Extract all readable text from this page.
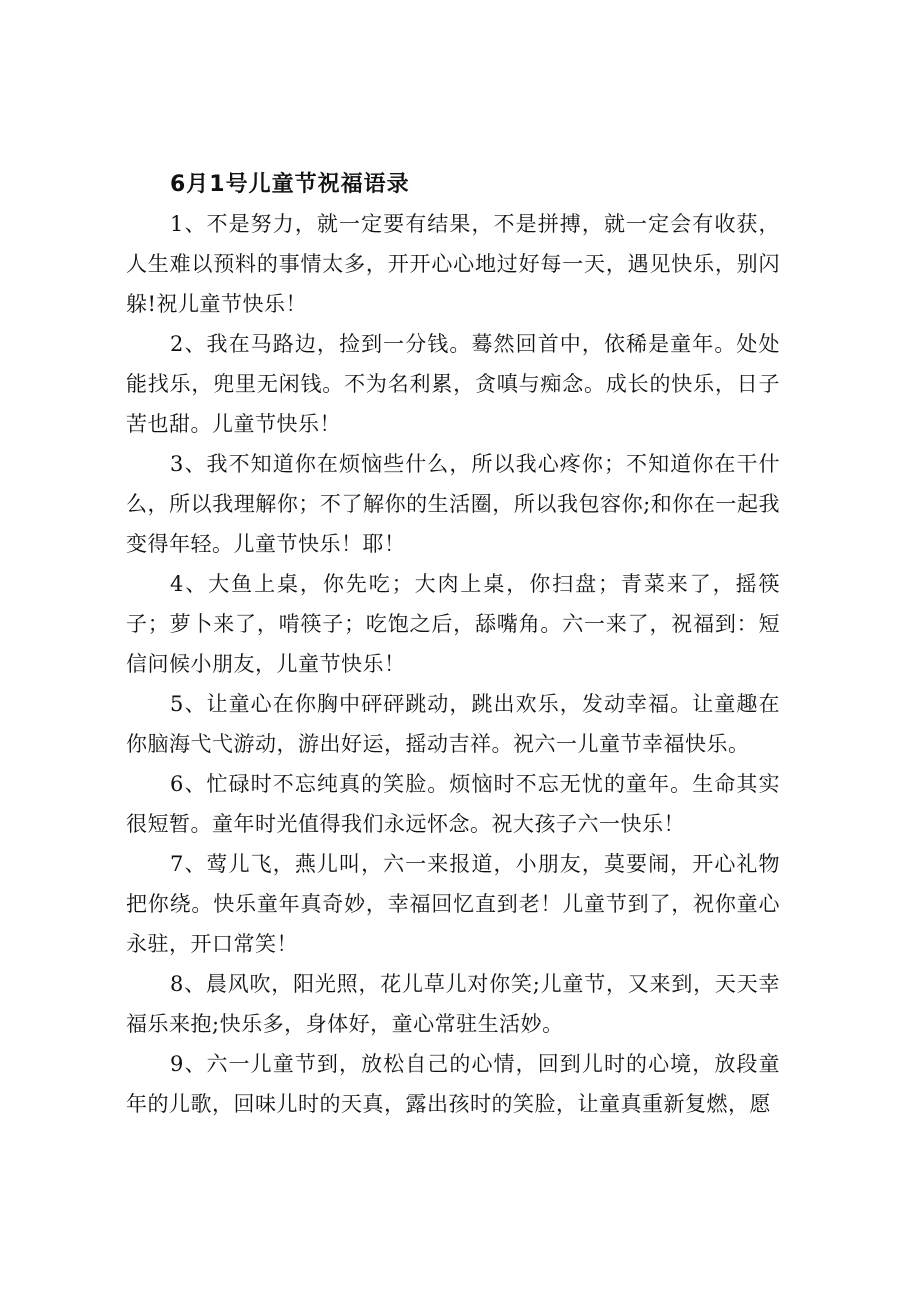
6月1号儿童节祝福语录

1、不是努力，就一定要有结果，不是拼搏，就一定会有收获，人生难以预料的事情太多，开开心心地过好每一天，遇见快乐，别闪躲!祝儿童节快乐！

2、我在马路边，捡到一分钱。蓦然回首中，依稀是童年。处处能找乐，兜里无闲钱。不为名利累，贪嗔与痴念。成长的快乐，日子苦也甜。儿童节快乐！

3、我不知道你在烦恼些什么，所以我心疼你；不知道你在干什么，所以我理解你；不了解你的生活圈，所以我包容你;和你在一起我变得年轻。儿童节快乐！耶！

4、大鱼上桌，你先吃；大肉上桌，你扫盘；青菜来了，摇筷子；萝卜来了，啃筷子；吃饱之后，舔嘴角。六一来了，祝福到：短信问候小朋友，儿童节快乐！

5、让童心在你胸中砰砰跳动，跳出欢乐，发动幸福。让童趣在你脑海弋弋游动，游出好运，摇动吉祥。祝六一儿童节幸福快乐。

6、忙碌时不忘纯真的笑脸。烦恼时不忘无忧的童年。生命其实很短暂。童年时光值得我们永远怀念。祝大孩子六一快乐！

7、莺儿飞，燕儿叫，六一来报道，小朋友，莫要闹，开心礼物把你绕。快乐童年真奇妙，幸福回忆直到老！儿童节到了，祝你童心永驻，开口常笑！

8、晨风吹，阳光照，花儿草儿对你笑;儿童节，又来到，天天幸福乐来抱;快乐多，身体好，童心常驻生活妙。

9、六一儿童节到，放松自己的心情，回到儿时的心境，放段童年的儿歌，回味儿时的天真，露出孩时的笑脸，让童真重新复燃，愿
